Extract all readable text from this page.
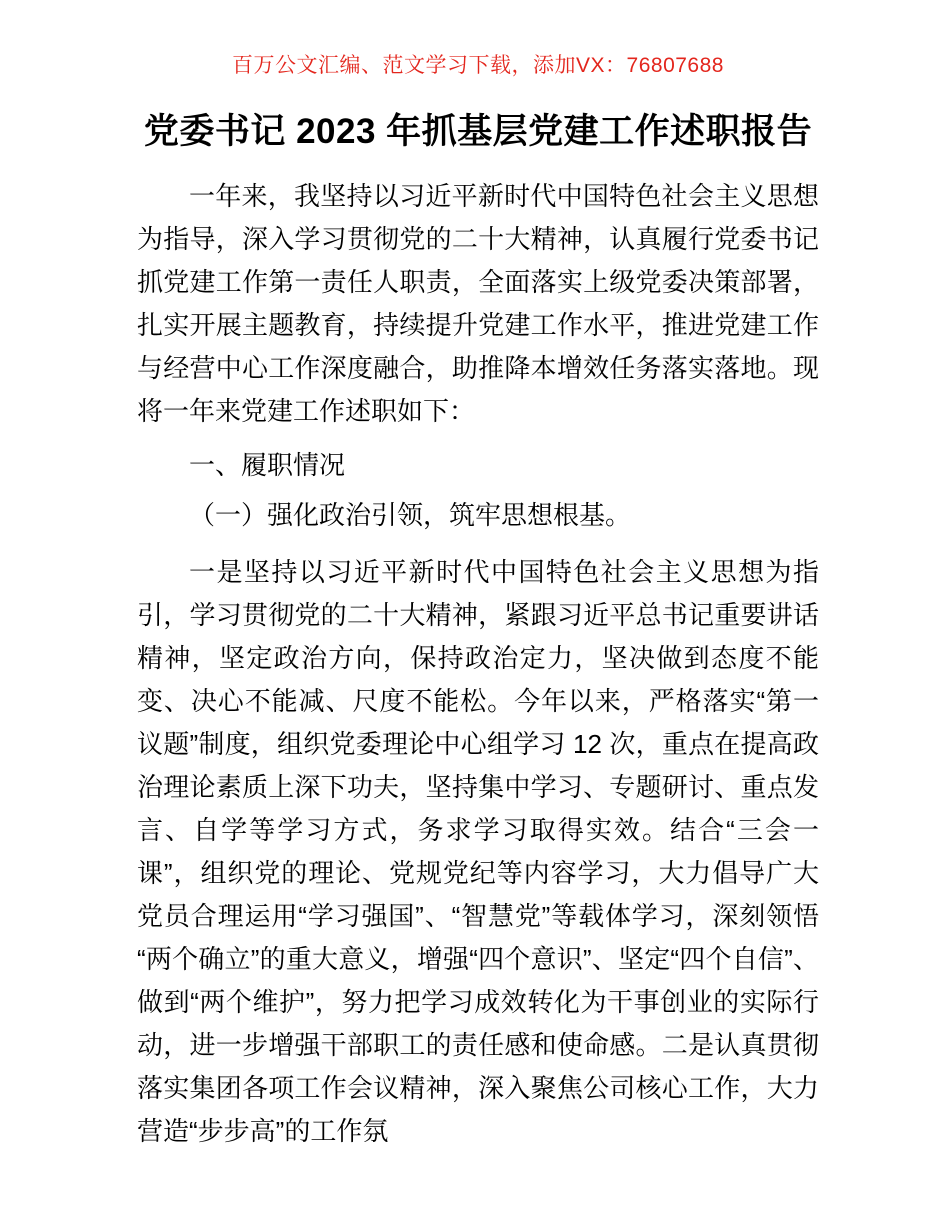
百万公文汇编、范文学习下载，添加VX：76807688
党委书记 2023 年抓基层党建工作述职报告

一年来，我坚持以习近平新时代中国特色社会主义思想为指导，深入学习贯彻党的二十大精神，认真履行党委书记抓党建工作第一责任人职责，全面落实上级党委决策部署，扎实开展主题教育，持续提升党建工作水平，推进党建工作与经营中心工作深度融合，助推降本增效任务落实落地。现将一年来党建工作述职如下：

一、履职情况

（一）强化政治引领，筑牢思想根基。

一是坚持以习近平新时代中国特色社会主义思想为指引，学习贯彻党的二十大精神，紧跟习近平总书记重要讲话精神，坚定政治方向，保持政治定力，坚决做到态度不能变、决心不能减、尺度不能松。今年以来，严格落实“第一议题”制度，组织党委理论中心组学习 12 次，重点在提高政治理论素质上深下功夫，坚持集中学习、专题研讨、重点发言、自学等学习方式，务求学习取得实效。结合“三会一课”，组织党的理论、党规党纪等内容学习，大力倡导广大党员合理运用“学习强国”、“智慧党”等载体学习，深刻领悟“两个确立”的重大意义，增强“四个意识”、坚定“四个自信”、做到“两个维护”，努力把学习成效转化为干事创业的实际行动，进一步增强干部职工的责任感和使命感。二是认真贯彻落实集团各项工作会议精神，深入聚焦公司核心工作，大力营造“步步高”的工作氛
